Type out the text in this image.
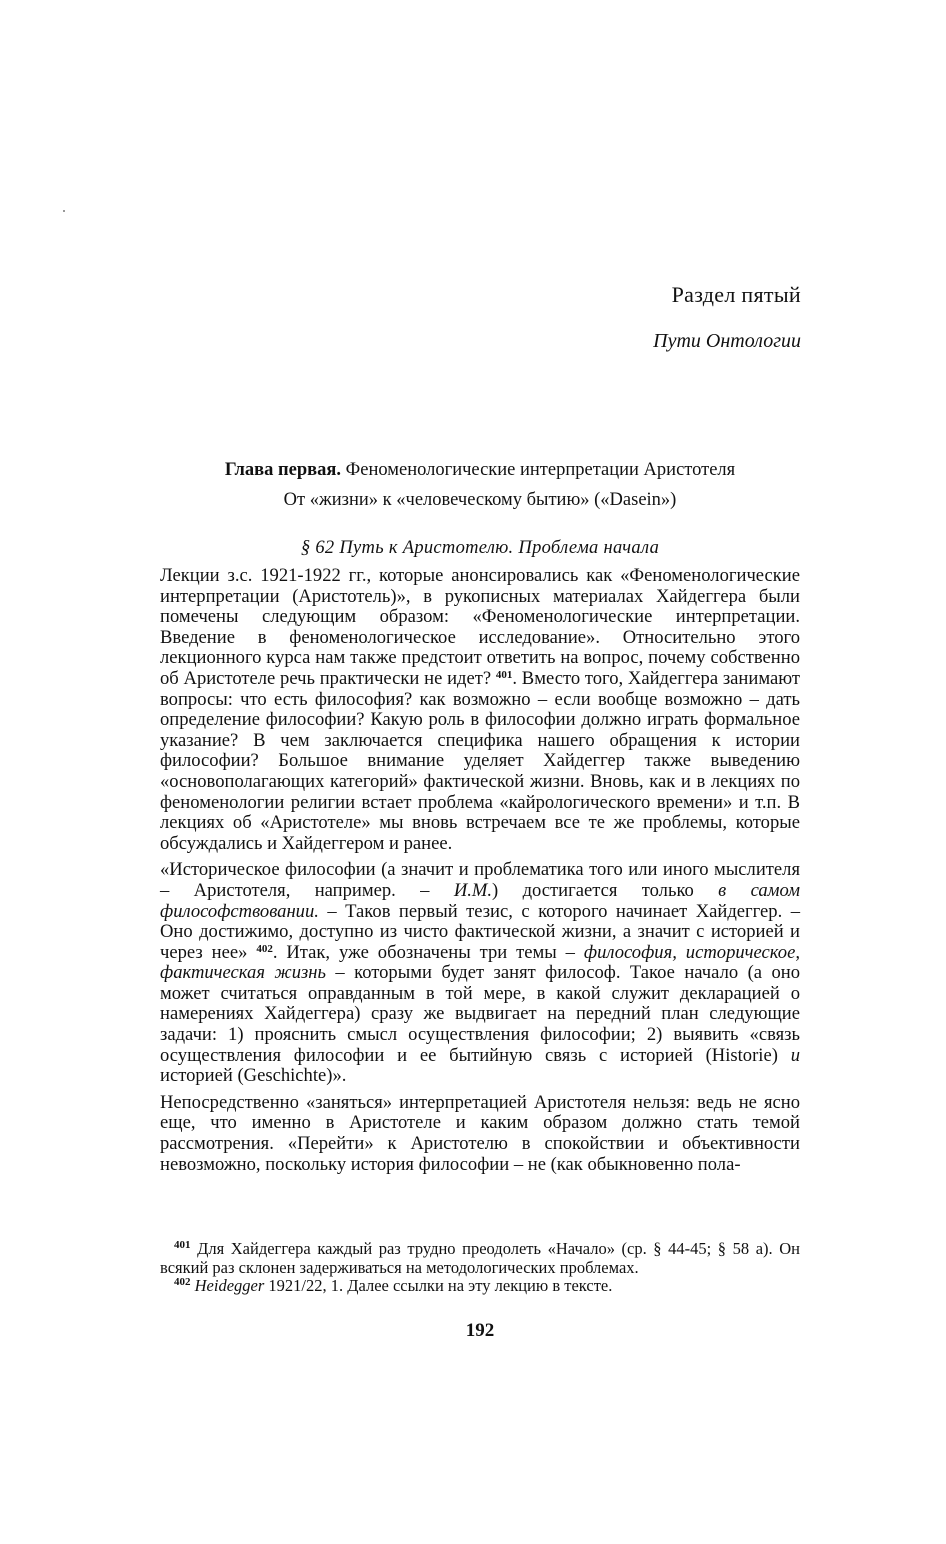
Раздел пятый
Пути Онтологии
Глава первая. Феноменологические интерпретации Аристотеля
От «жизни» к «человеческому бытию» («Dasein»)
§ 62 Путь к Аристотелю. Проблема начала

Лекции з.с. 1921-1922 гг., которые анонсировались как «Феноменологические интерпретации (Аристотель)», в рукописных материалах Хайдеггера были помечены следующим образом: «Феноменологические интерпретации. Введение в феноменологическое исследование». Относительно этого лекционного курса нам также предстоит ответить на вопрос, почему собственно об Аристотеле речь практически не идет? $^{401}$. Вместо того, Хайдеггера занимают вопросы: что есть философия? как возможно – если вообще возможно – дать определение философии? Какую роль в философии должно играть формальное указание? В чем заключается специфика нашего обращения к истории философии? Большое внимание уделяет Хайдеггер также выведению «основополагающих категорий» фактической жизни. Вновь, как и в лекциях по феноменологии религии встает проблема «кайрологического времени» и т.п. В лекциях об «Аристотеле» мы вновь встречаем все те же проблемы, которые обсуждались и Хайдеггером и ранее.

«Историческое философии (а значит и проблематика того или иного мыслителя – Аристотеля, например. – И.М.) достигается только в самом философствовании. – Таков первый тезис, с которого начинает Хайдеггер. – Оно достижимо, доступно из чисто фактической жизни, а значит с историей и через нее» $^{402}$. Итак, уже обозначены три темы – философия, историческое, фактическая жизнь – которыми будет занят философ. Такое начало (а оно может считаться оправданным в той мере, в какой служит декларацией о намерениях Хайдеггера) сразу же выдвигает на передний план следующие задачи: 1) прояснить смысл осуществления философии; 2) выявить «связь осуществления философии и ее бытийную связь с историей (Historie) и историей (Geschichte)».

Непосредственно «заняться» интерпретацией Аристотеля нельзя: ведь не ясно еще, что именно в Аристотеле и каким образом должно стать темой рассмотрения. «Перейти» к Аристотелю в спокойствии и объективности невозможно, поскольку история философии – не (как обыкновенно пола-

$^{401}$ Для Хайдеггера каждый раз трудно преодолеть «Начало» (ср. § 44-45; § 58 а). Он всякий раз склонен задерживаться на методологических проблемах.

$^{402}$ Heidegger 1921/22, 1. Далее ссылки на эту лекцию в тексте.

192
